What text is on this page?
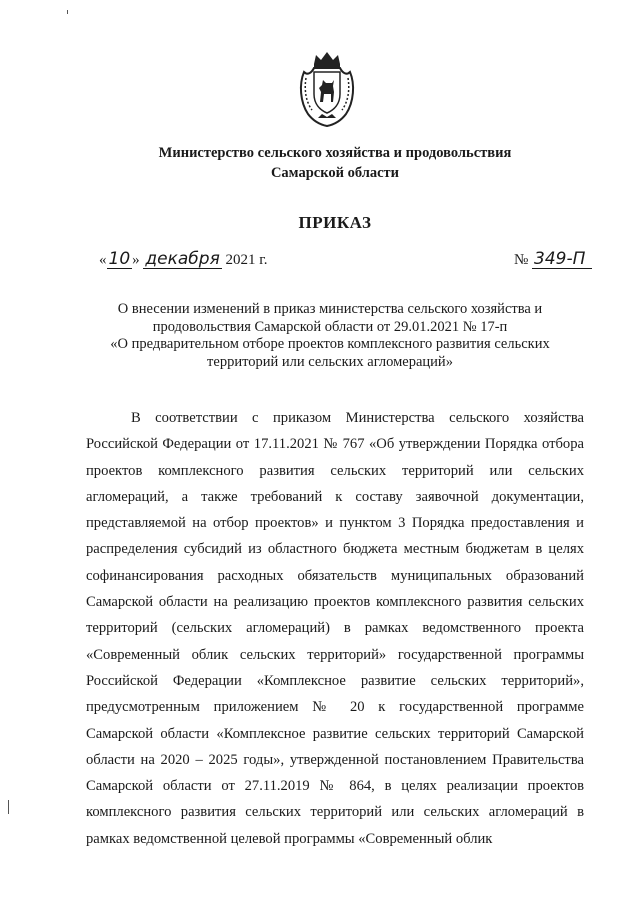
Министерство сельского хозяйства и продовольствия
Самарской области
ПРИКАЗ
« 10 » декабря 2021 г.	№ 349-П
О внесении изменений в приказ министерства сельского хозяйства и
продовольствия Самарской области от 29.01.2021 № 17-п
«О предварительном отборе проектов комплексного развития сельских
территорий или сельских агломераций»
В соответствии с приказом Министерства сельского хозяйства Российской Федерации от 17.11.2021 № 767 «Об утверждении Порядка отбора проектов комплексного развития сельских территорий или сельских агломераций, а также требований к составу заявочной документации, представляемой на отбор проектов» и пунктом 3 Порядка предоставления и распределения субсидий из областного бюджета местным бюджетам в целях софинансирования расходных обязательств муниципальных образований Самарской области на реализацию проектов комплексного развития сельских территорий (сельских агломераций) в рамках ведомственного проекта «Современный облик сельских территорий» государственной программы Российской Федерации «Комплексное развитие сельских территорий», предусмотренным приложением № 20 к государственной программе Самарской области «Комплексное развитие сельских территорий Самарской области на 2020 – 2025 годы», утвержденной постановлением Правительства Самарской области от 27.11.2019 № 864, в целях реализации проектов комплексного развития сельских территорий или сельских агломераций в рамках ведомственной целевой программы «Современный облик
